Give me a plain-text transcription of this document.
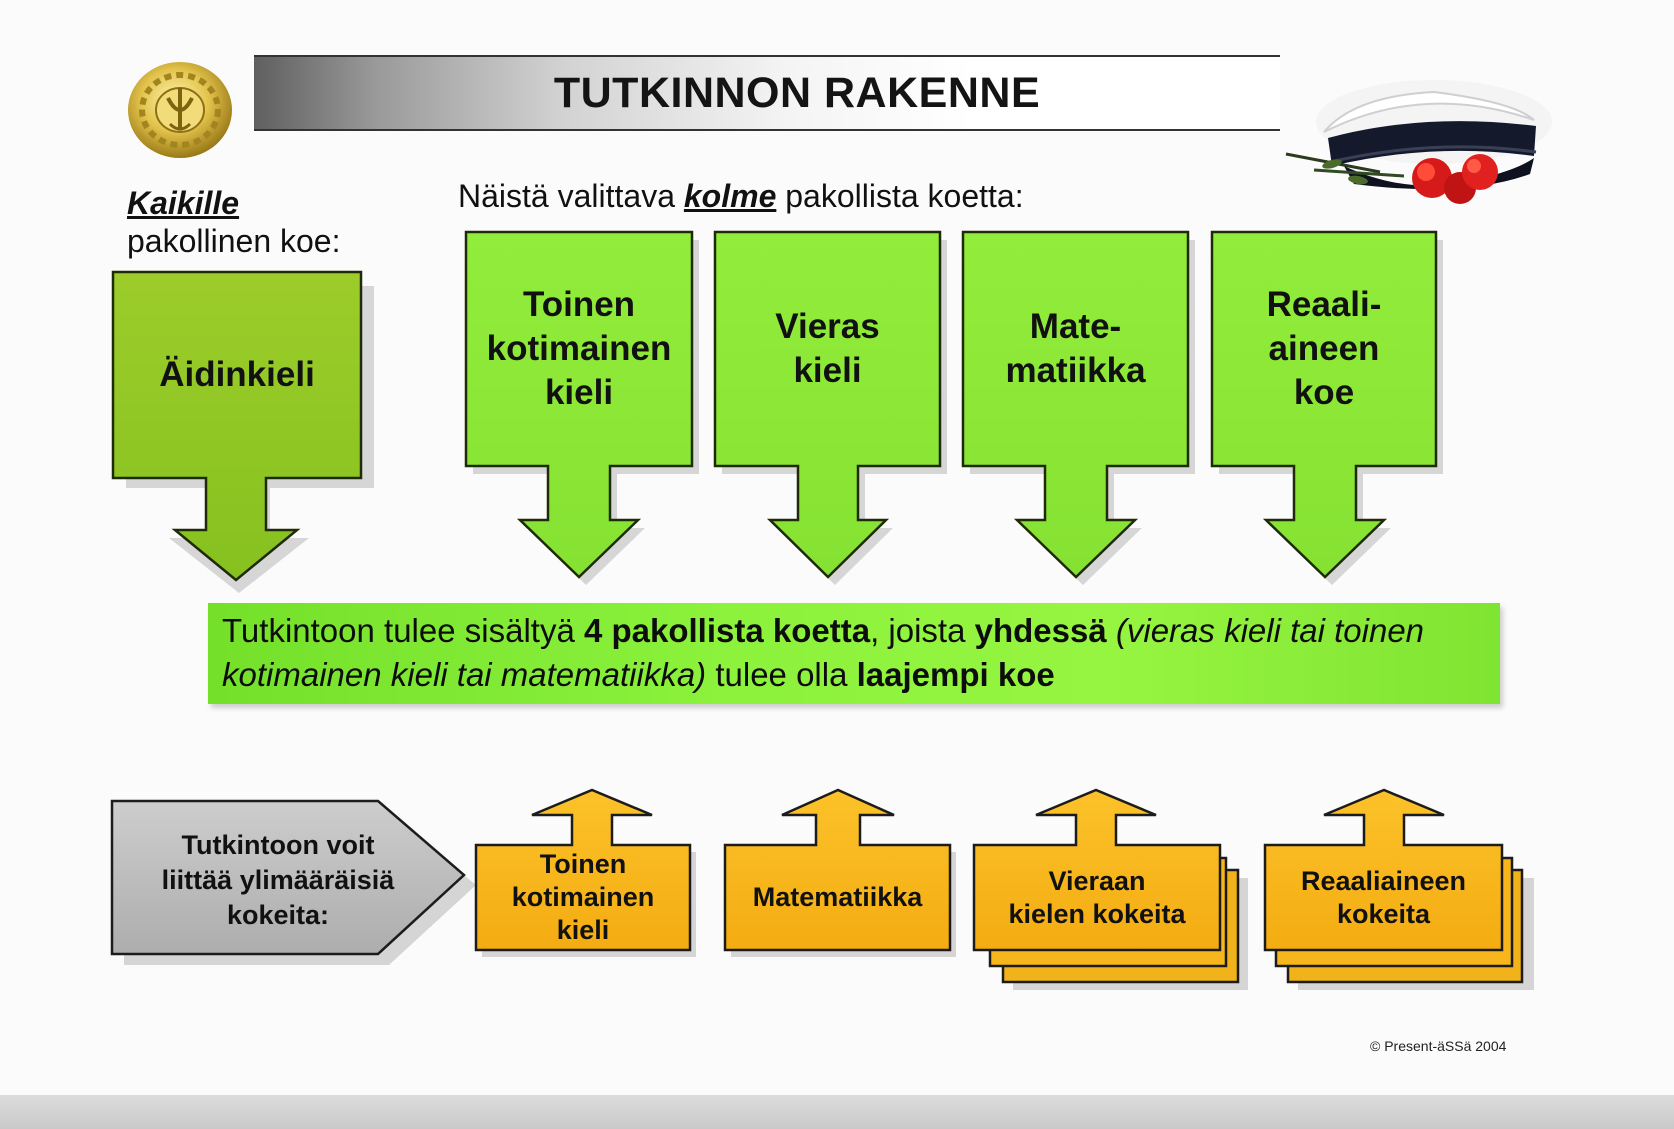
TUTKINNON RAKENNE
Kaikille
pakollinen koe:
Näistä valittava kolme pakollista koetta:
Äidinkieli
Toinen
kotimainen
kieli
Vieras
kieli
Mate-
matiikka
Reaali-
aineen
koe
Tutkintoon tulee sisältyä 4 pakollista koetta, joista yhdessä (vieras kieli tai toinen kotimainen kieli tai matematiikka) tulee olla laajempi koe
Tutkintoon voit
liittää ylimääräisiä
kokeita:
Toinen
kotimainen
kieli
Matematiikka
Vieraan
kielen kokeita
Reaaliaineen
kokeita
© Present-äSSä 2004
